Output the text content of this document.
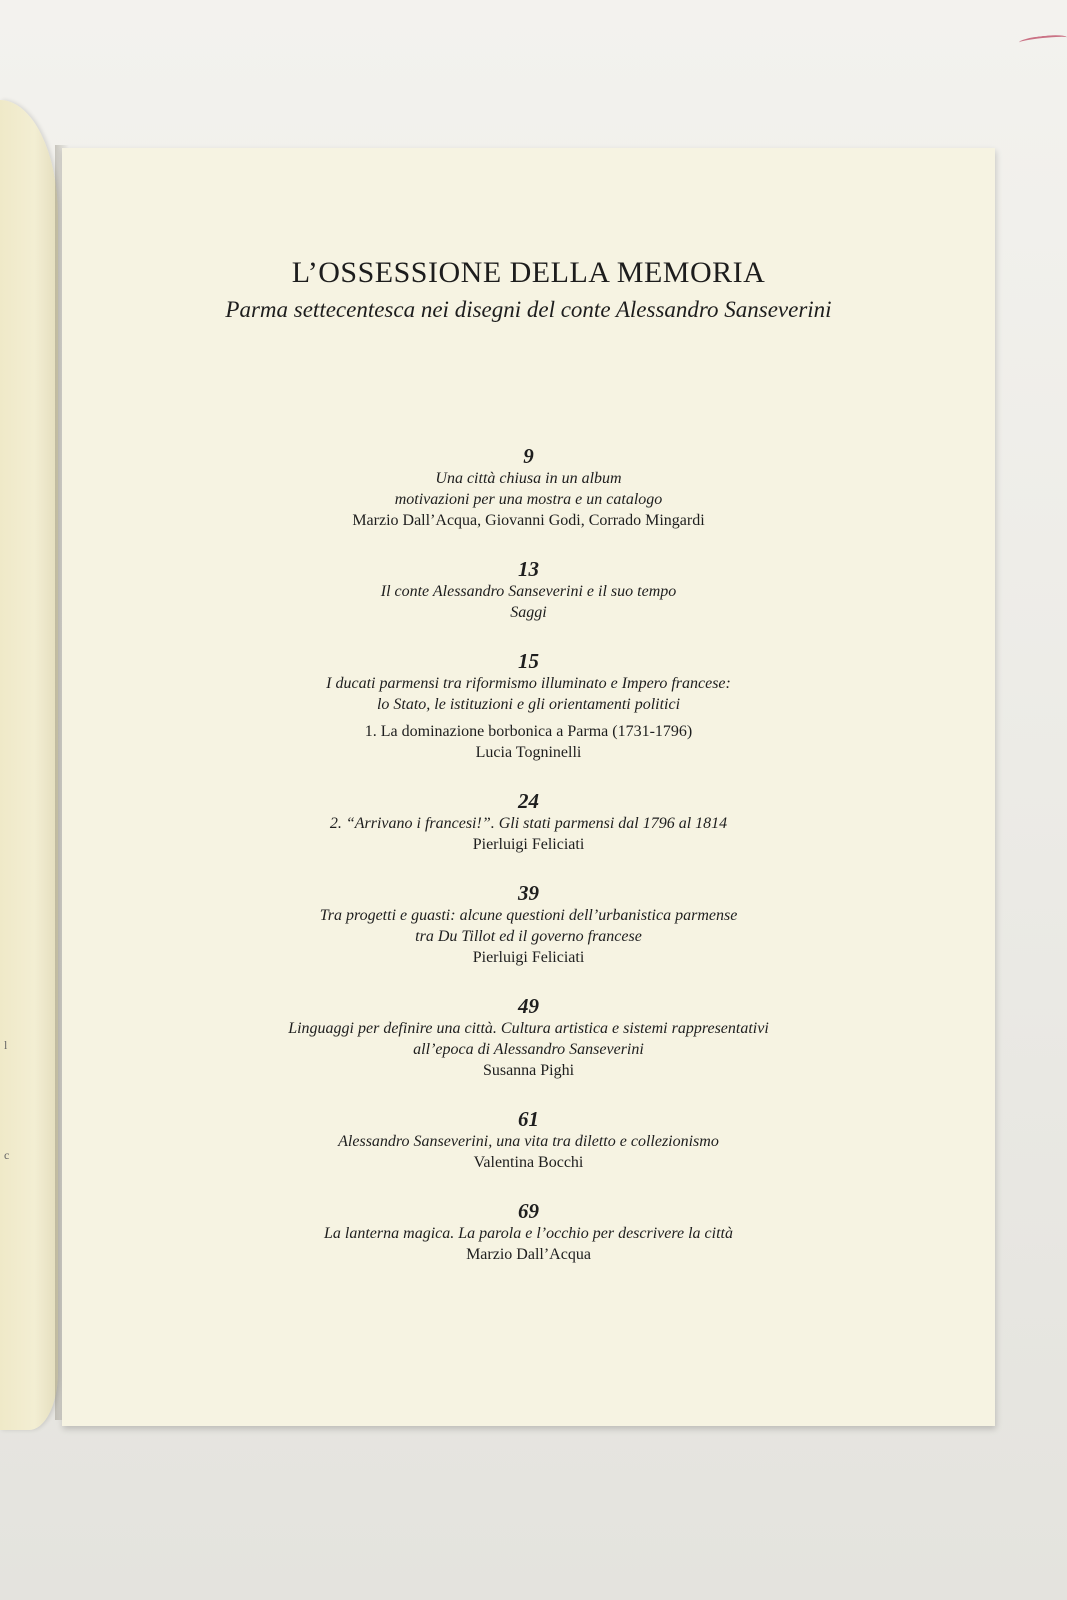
l
c
L’OSSESSIONE DELLA MEMORIA
Parma settecentesca nei disegni del conte Alessandro Sanseverini
9
Una città chiusa in un album
motivazioni per una mostra e un catalogo
Marzio Dall’Acqua, Giovanni Godi, Corrado Mingardi
13
Il conte Alessandro Sanseverini e il suo tempo
Saggi
15
I ducati parmensi tra riformismo illuminato e Impero francese:
lo Stato, le istituzioni e gli orientamenti politici
1. La dominazione borbonica a Parma (1731-1796)
Lucia Togninelli
24
2. “Arrivano i francesi!”. Gli stati parmensi dal 1796 al 1814
Pierluigi Feliciati
39
Tra progetti e guasti: alcune questioni dell’urbanistica parmense
tra Du Tillot ed il governo francese
Pierluigi Feliciati
49
Linguaggi per definire una città. Cultura artistica e sistemi rappresentativi
all’epoca di Alessandro Sanseverini
Susanna Pighi
61
Alessandro Sanseverini, una vita tra diletto e collezionismo
Valentina Bocchi
69
La lanterna magica. La parola e l’occhio per descrivere la città
Marzio Dall’Acqua
